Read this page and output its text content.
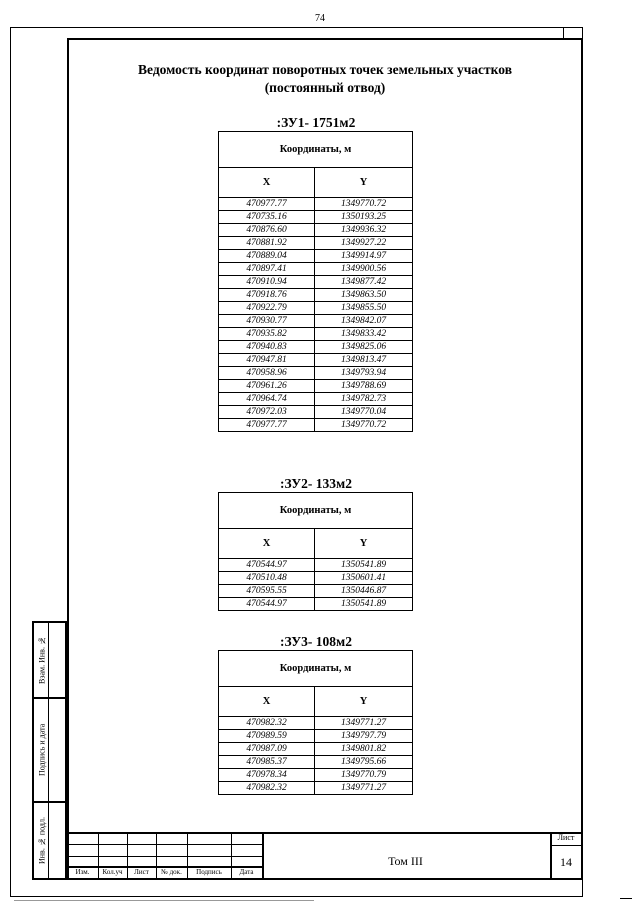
74
Ведомость координат поворотных точек земельных участков
(постоянный отвод)
:ЗУ1- 1751м2
Координаты, м	
X	Y
470977.77	1349770.72
470735.16	1350193.25
470876.60	1349936.32
470881.92	1349927.22
470889.04	1349914.97
470897.41	1349900.56
470910.94	1349877.42
470918.76	1349863.50
470922.79	1349855.50
470930.77	1349842.07
470935.82	1349833.42
470940.83	1349825.06
470947.81	1349813.47
470958.96	1349793.94
470961.26	1349788.69
470964.74	1349782.73
470972.03	1349770.04
470977.77	1349770.72
:ЗУ2- 133м2
Координаты, м	
X	Y
470544.97	1350541.89
470510.48	1350601.41
470595.55	1350446.87
470544.97	1350541.89
:ЗУ3- 108м2
Координаты, м	
X	Y
470982.32	1349771.27
470989.59	1349797.79
470987.09	1349801.82
470985.37	1349795.66
470978.34	1349770.79
470982.32	1349771.27
Взам. Инв. №
Подпись и дата
Инв. № подл.
Изм.	Кол.уч	Лист	№ док.	Подпись	Дата
Том III
Лист
14
